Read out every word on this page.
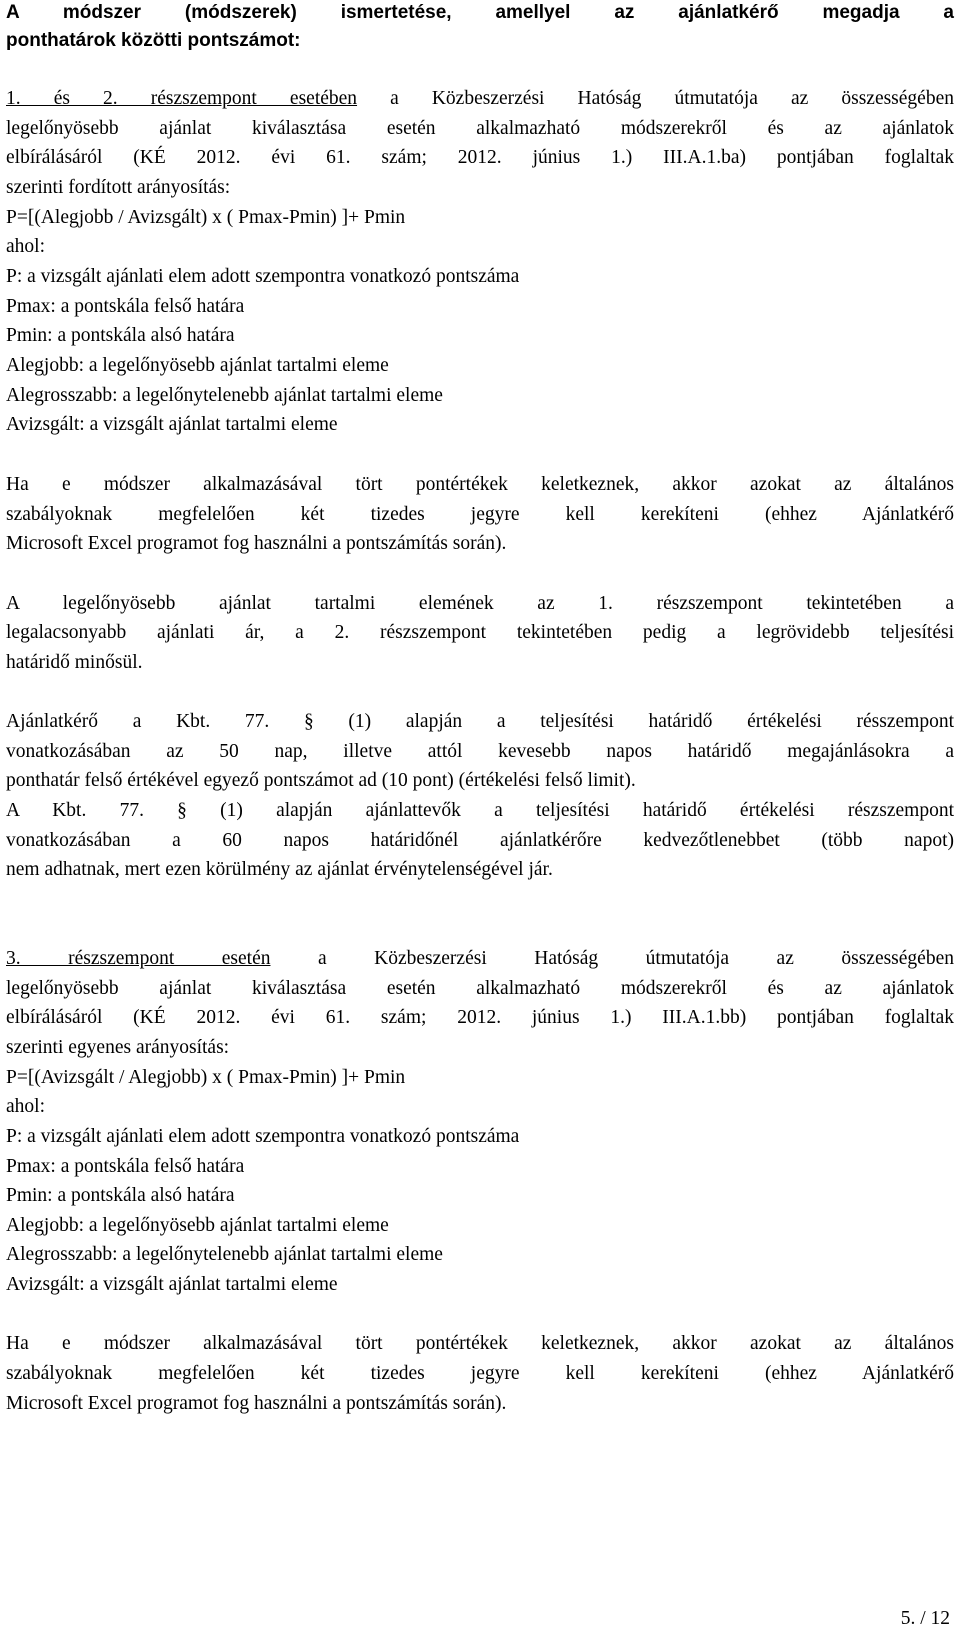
A módszer (módszerek) ismertetése, amellyel az ajánlatkérő megadja a
ponthatárok közötti pontszámot:
1. és 2. részszempont esetében a Közbeszerzési Hatóság útmutatója az összességében
legelőnyösebb ajánlat kiválasztása esetén alkalmazható módszerekről és az ajánlatok
elbírálásáról (KÉ 2012. évi 61. szám; 2012. június 1.) III.A.1.ba) pontjában foglaltak
szerinti fordított arányosítás:
P=[(Alegjobb / Avizsgált) x ( Pmax-Pmin) ]+ Pmin
ahol:
P: a vizsgált ajánlati elem adott szempontra vonatkozó pontszáma
Pmax: a pontskála felső határa
Pmin: a pontskála alsó határa
Alegjobb: a legelőnyösebb ajánlat tartalmi eleme
Alegrosszabb: a legelőnytelenebb ajánlat tartalmi eleme
Avizsgált: a vizsgált ajánlat tartalmi eleme
Ha e módszer alkalmazásával tört pontértékek keletkeznek, akkor azokat az általános
szabályoknak megfelelően két tizedes jegyre kell kerekíteni (ehhez Ajánlatkérő
Microsoft Excel programot fog használni a pontszámítás során).
A legelőnyösebb ajánlat tartalmi elemének az 1. részszempont tekintetében a
legalacsonyabb ajánlati ár, a 2. részszempont tekintetében pedig a legrövidebb teljesítési
határidő minősül.
Ajánlatkérő a Kbt. 77. § (1) alapján a teljesítési határidő értékelési résszempont
vonatkozásában az 50 nap, illetve attól kevesebb napos határidő megajánlásokra a
ponthatár felső értékével egyező pontszámot ad (10 pont) (értékelési felső limit).
A Kbt. 77. § (1) alapján ajánlattevők a teljesítési határidő értékelési részszempont
vonatkozásában a 60 napos határidőnél ajánlatkérőre kedvezőtlenebbet (több napot)
nem adhatnak, mert ezen körülmény az ajánlat érvénytelenségével jár.
3. részszempont esetén a Közbeszerzési Hatóság útmutatója az összességében
legelőnyösebb ajánlat kiválasztása esetén alkalmazható módszerekről és az ajánlatok
elbírálásáról (KÉ 2012. évi 61. szám; 2012. június 1.) III.A.1.bb) pontjában foglaltak
szerinti egyenes arányosítás:
P=[(Avizsgált / Alegjobb) x ( Pmax-Pmin) ]+ Pmin
ahol:
P: a vizsgált ajánlati elem adott szempontra vonatkozó pontszáma
Pmax: a pontskála felső határa
Pmin: a pontskála alsó határa
Alegjobb: a legelőnyösebb ajánlat tartalmi eleme
Alegrosszabb: a legelőnytelenebb ajánlat tartalmi eleme
Avizsgált: a vizsgált ajánlat tartalmi eleme
Ha e módszer alkalmazásával tört pontértékek keletkeznek, akkor azokat az általános
szabályoknak megfelelően két tizedes jegyre kell kerekíteni (ehhez Ajánlatkérő
Microsoft Excel programot fog használni a pontszámítás során).
5. / 12
